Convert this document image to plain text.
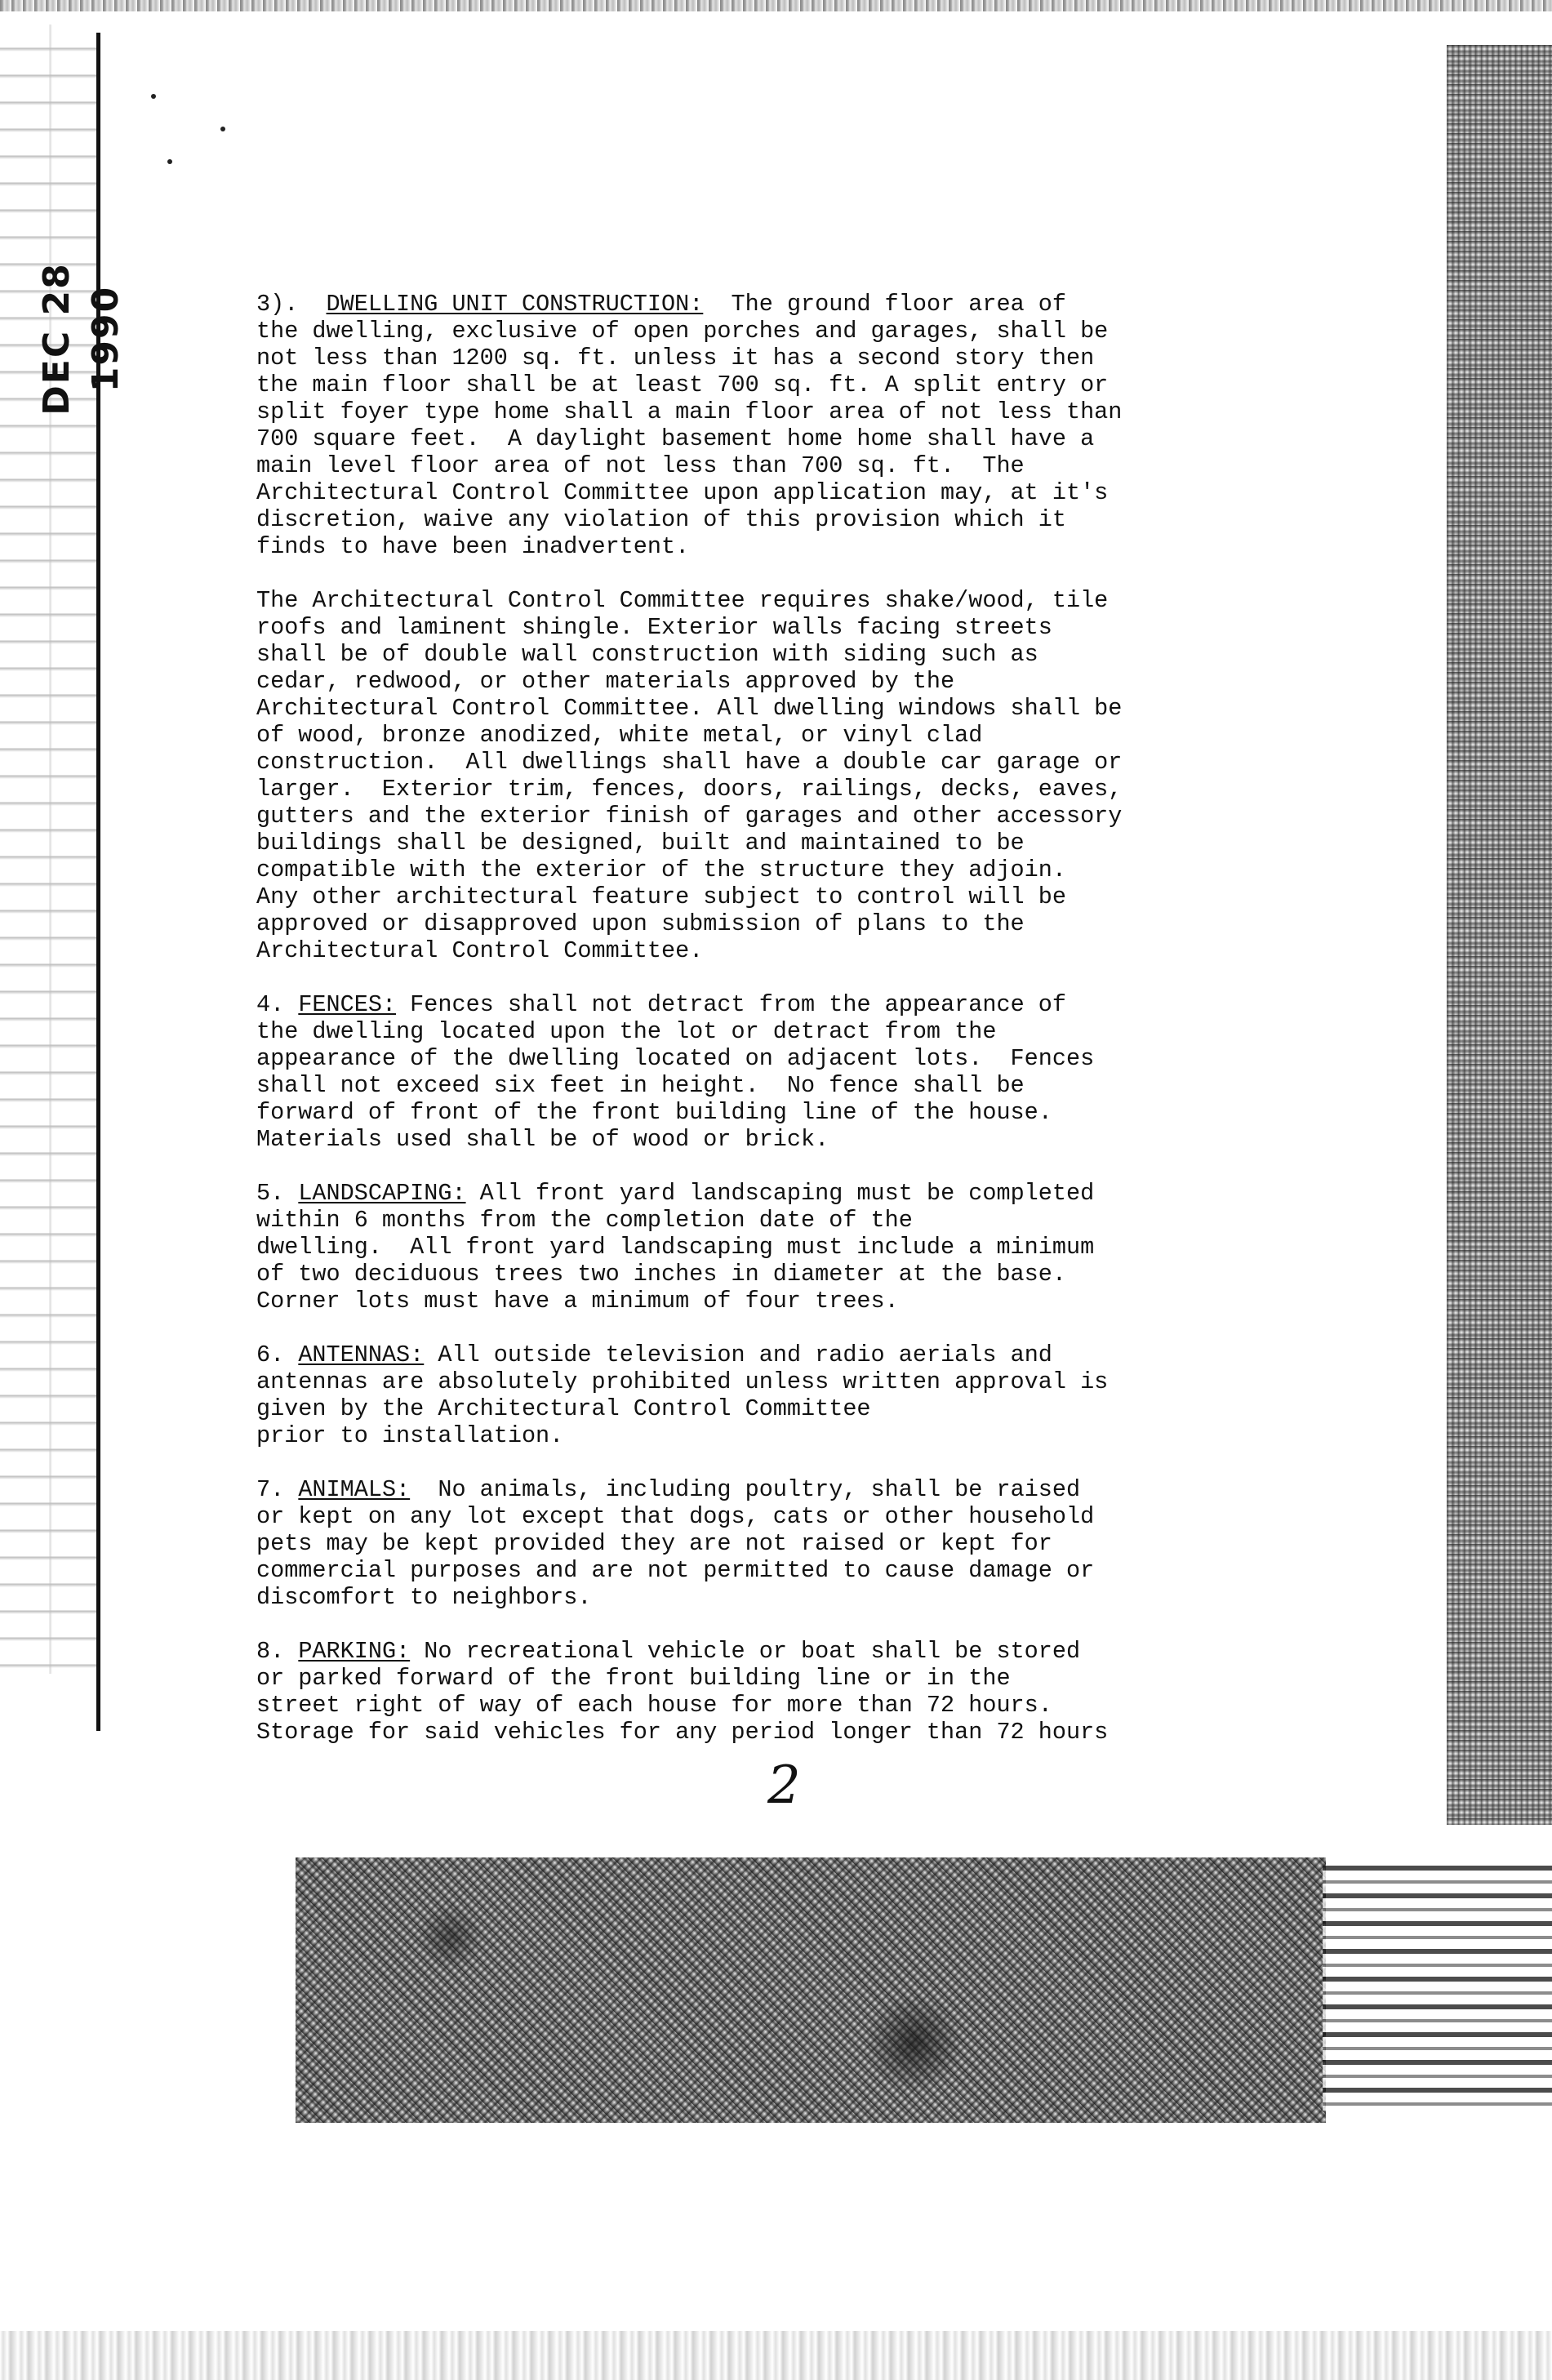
DEC 28 1990	3). DWELLING UNIT CONSTRUCTION: The ground floor area of
the dwelling, exclusive of open porches and garages, shall be
not less than 1200 sq. ft. unless it has a second story then
the main floor shall be at least 700 sq. ft. A split entry or
split foyer type home shall a main floor area of not less than
700 square feet.  A daylight basement home home shall have a
main level floor area of not less than 700 sq. ft.  The
Architectural Control Committee upon application may, at it's
discretion, waive any violation of this provision which it
finds to have been inadvertent.

The Architectural Control Committee requires shake/wood, tile
roofs and laminent shingle. Exterior walls facing streets
shall be of double wall construction with siding such as
cedar, redwood, or other materials approved by the
Architectural Control Committee. All dwelling windows shall be
of wood, bronze anodized, white metal, or vinyl clad
construction.  All dwellings shall have a double car garage or
larger.  Exterior trim, fences, doors, railings, decks, eaves,
gutters and the exterior finish of garages and other accessory
buildings shall be designed, built and maintained to be
compatible with the exterior of the structure they adjoin.
Any other architectural feature subject to control will be
approved or disapproved upon submission of plans to the
Architectural Control Committee.

4. FENCES: Fences shall not detract from the appearance of
the dwelling located upon the lot or detract from the
appearance of the dwelling located on adjacent lots.  Fences
shall not exceed six feet in height.  No fence shall be
forward of front of the front building line of the house.
Materials used shall be of wood or brick.

5. LANDSCAPING: All front yard landscaping must be completed
within 6 months from the completion date of the
dwelling.  All front yard landscaping must include a minimum
of two deciduous trees two inches in diameter at the base.
Corner lots must have a minimum of four trees.

6. ANTENNAS: All outside television and radio aerials and
antennas are absolutely prohibited unless written approval is
given by the Architectural Control Committee
prior to installation.

7. ANIMALS: No animals, including poultry, shall be raised
or kept on any lot except that dogs, cats or other household
pets may be kept provided they are not raised or kept for
commercial purposes and are not permitted to cause damage or
discomfort to neighbors.

8. PARKING: No recreational vehicle or boat shall be stored
or parked forward of the front building line or in the
street right of way of each house for more than 72 hours.
Storage for said vehicles for any period longer than 72 hours

2
